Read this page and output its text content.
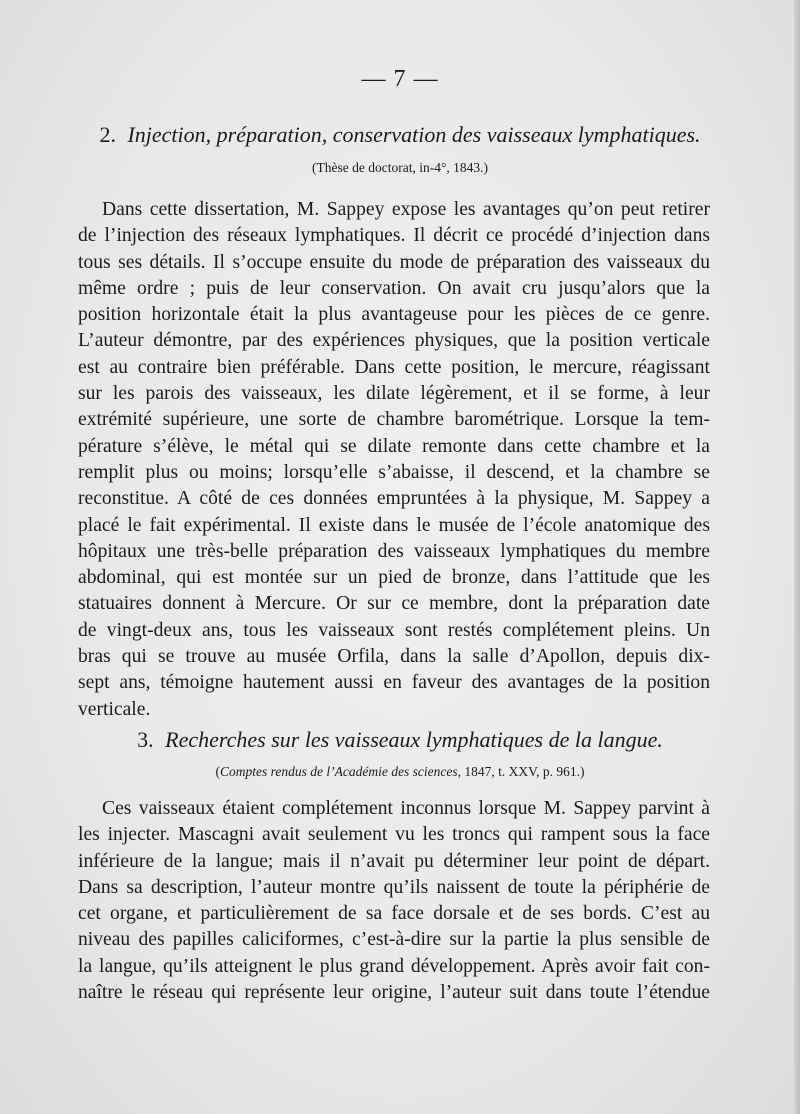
— 7 —
2. Injection, préparation, conservation des vaisseaux lymphatiques.
(Thèse de doctorat, in-4°, 1843.)
Dans cette dissertation, M. Sappey expose les avantages qu’on peut retirer
de l’injection des réseaux lymphatiques. Il décrit ce procédé d’injection dans
tous ses détails. Il s’occupe ensuite du mode de préparation des vaisseaux du
même ordre ; puis de leur conservation. On avait cru jusqu’alors que la
position horizontale était la plus avantageuse pour les pièces de ce genre.
L’auteur démontre, par des expériences physiques, que la position verticale
est au contraire bien préférable. Dans cette position, le mercure, réagissant
sur les parois des vaisseaux, les dilate légèrement, et il se forme, à leur
extrémité supérieure, une sorte de chambre barométrique. Lorsque la tem-
pérature s’élève, le métal qui se dilate remonte dans cette chambre et la
remplit plus ou moins; lorsqu’elle s’abaisse, il descend, et la chambre se
reconstitue. A côté de ces données empruntées à la physique, M. Sappey a
placé le fait expérimental. Il existe dans le musée de l’école anatomique des
hôpitaux une très-belle préparation des vaisseaux lymphatiques du membre
abdominal, qui est montée sur un pied de bronze, dans l’attitude que les
statuaires donnent à Mercure. Or sur ce membre, dont la préparation date
de vingt-deux ans, tous les vaisseaux sont restés complétement pleins. Un
bras qui se trouve au musée Orfila, dans la salle d’Apollon, depuis dix-
sept ans, témoigne hautement aussi en faveur des avantages de la position
verticale.
3. Recherches sur les vaisseaux lymphatiques de la langue.
(Comptes rendus de l’Académie des sciences, 1847, t. XXV, p. 961.)
Ces vaisseaux étaient complétement inconnus lorsque M. Sappey parvint à
les injecter. Mascagni avait seulement vu les troncs qui rampent sous la face
inférieure de la langue; mais il n’avait pu déterminer leur point de départ.
Dans sa description, l’auteur montre qu’ils naissent de toute la périphérie de
cet organe, et particulièrement de sa face dorsale et de ses bords. C’est au
niveau des papilles caliciformes, c’est-à-dire sur la partie la plus sensible de
la langue, qu’ils atteignent le plus grand développement. Après avoir fait con-
naître le réseau qui représente leur origine, l’auteur suit dans toute l’étendue
